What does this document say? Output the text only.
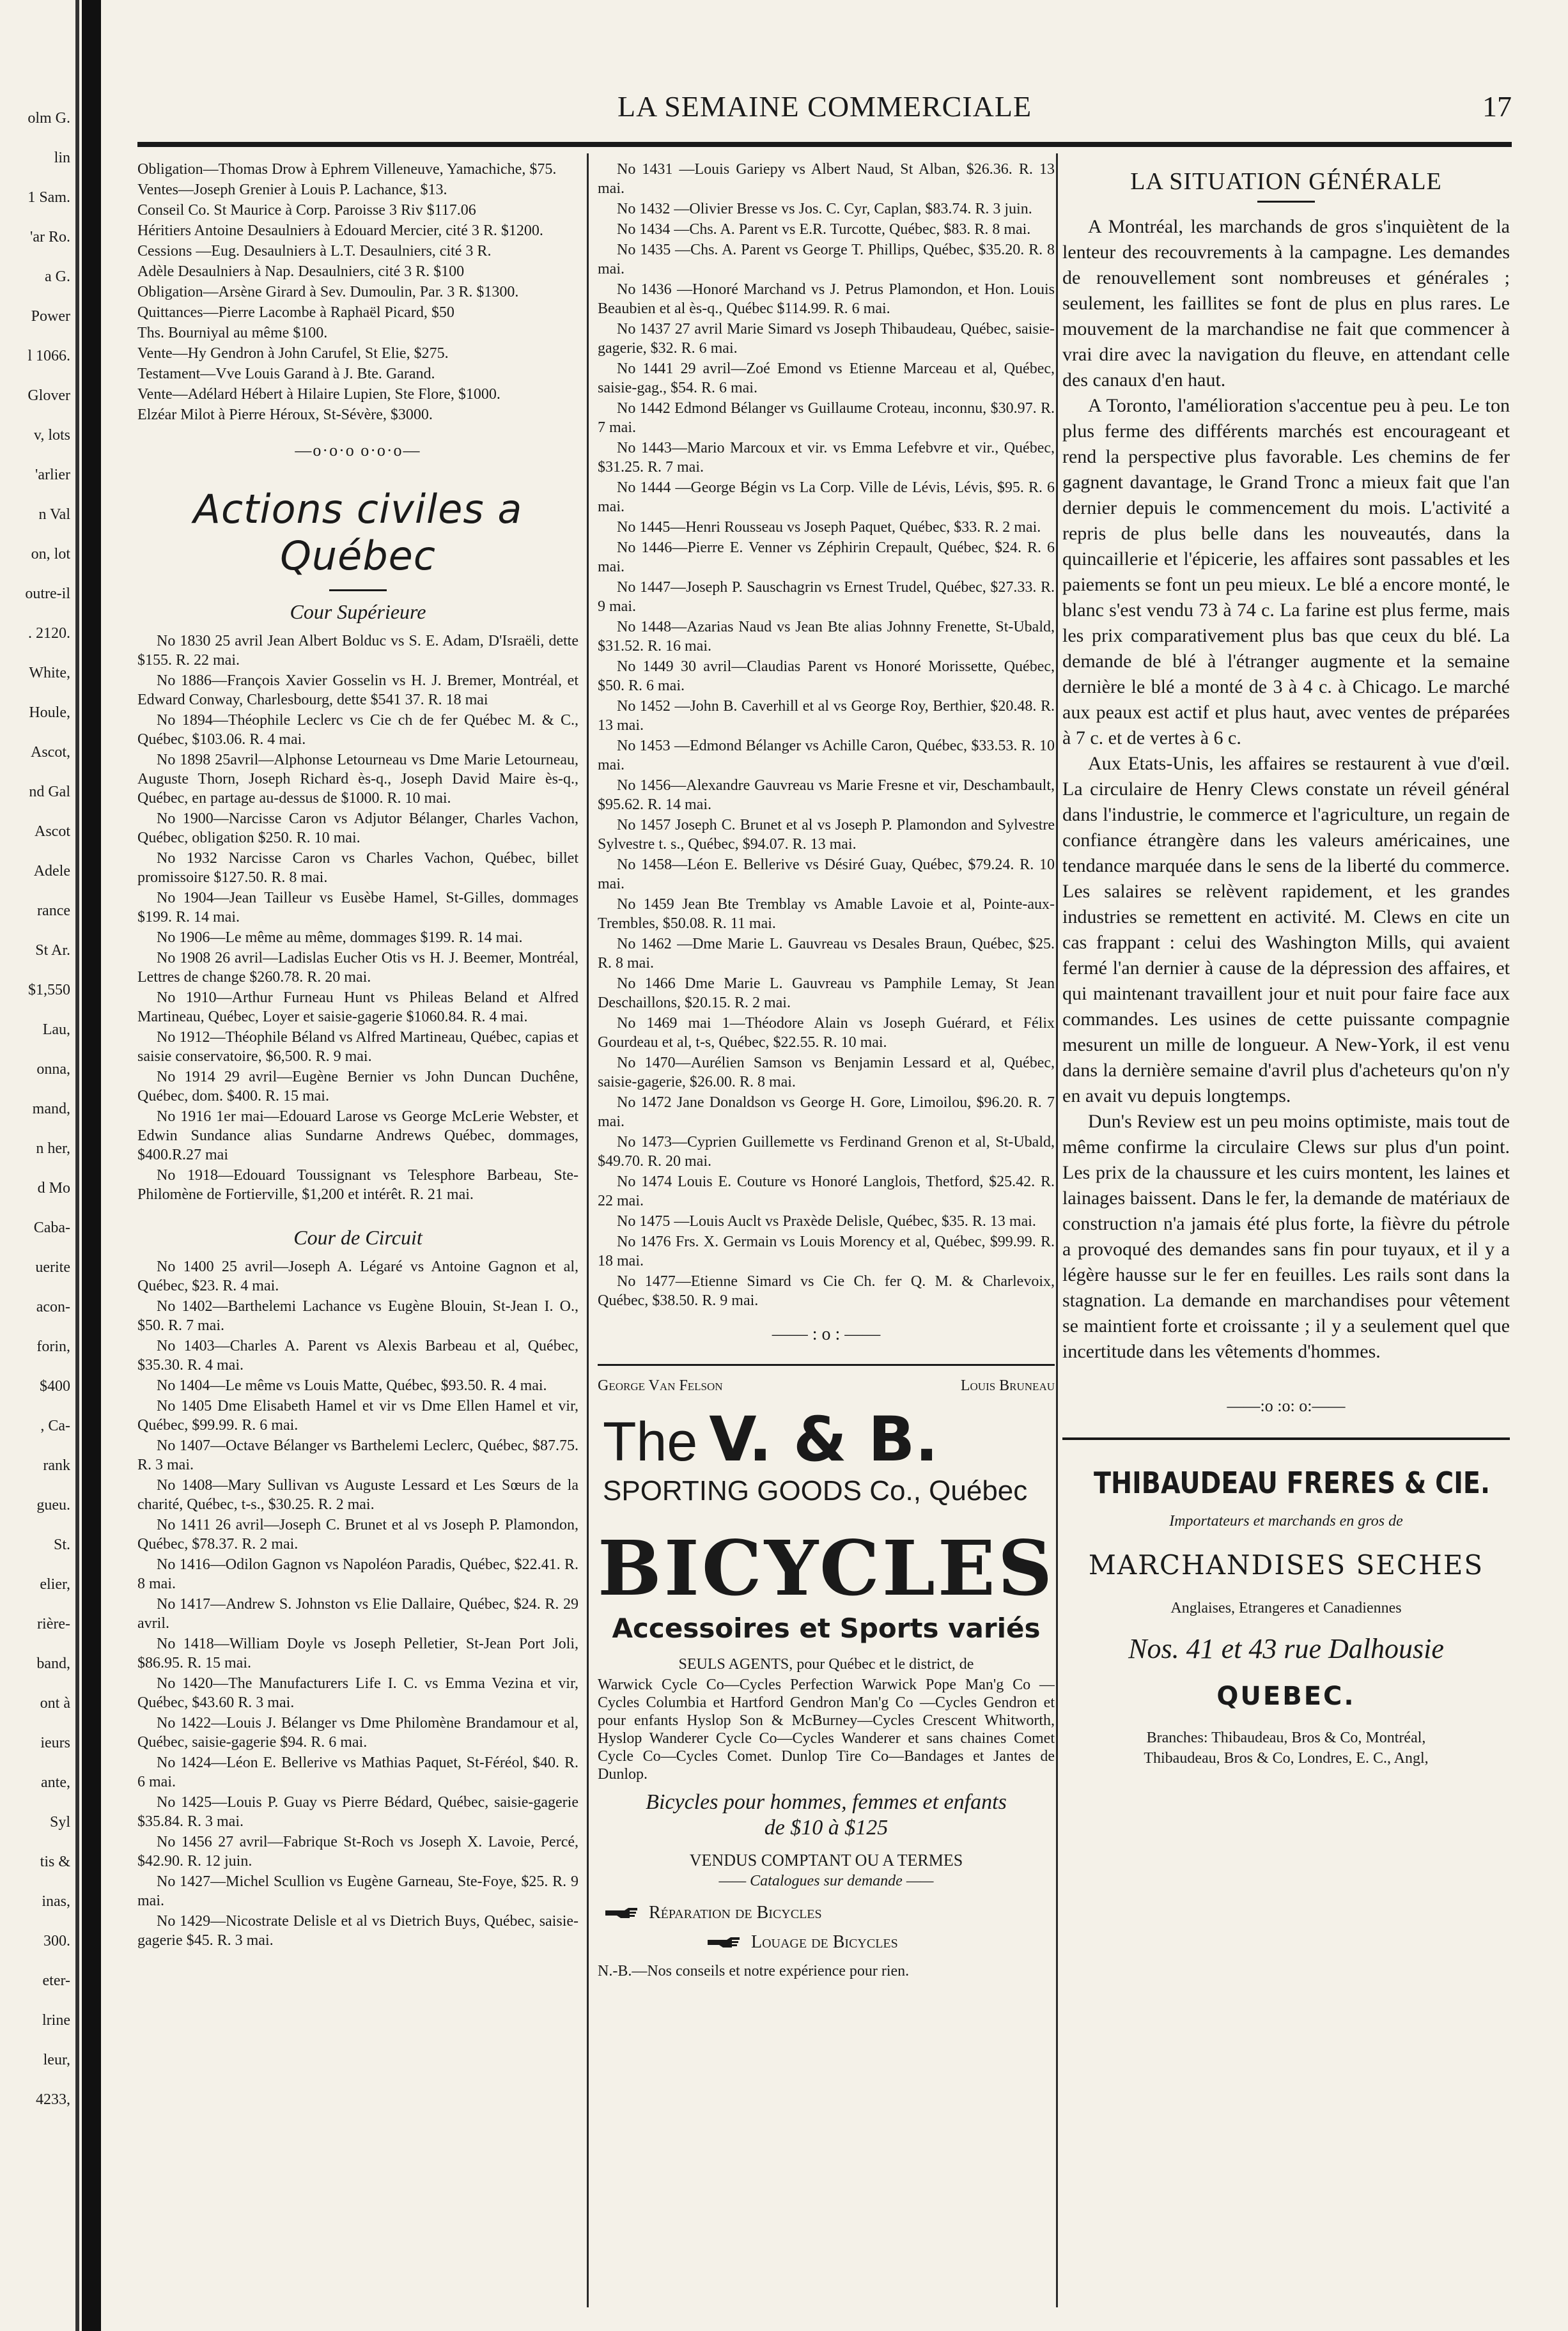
olm G.
lin
1 Sam.
'ar Ro.
a G.
Power
l 1066.
Glover
v, lots
'arlier
n Val
on, lot
outre-il
. 2120.
White,
Houle,
Ascot,
nd Gal
Ascot
Adele
rance
St Ar.
$1,550
Lau,
onna,
mand,
n her,
d Mo
Caba-
uerite
acon-
forin,
$400
, Ca-
rank
gueu.
St.
elier,
rière-
band,
ont à
ieurs
ante,
Syl
tis &
inas,
300.
eter-
lrine
leur,
4233,
LA SEMAINE COMMERCIALE	17

Obligation—Thomas Drow à Ephrem Villeneuve, Yamachiche, $75.

Ventes—Joseph Grenier à Louis P. Lachance, $13.

Conseil Co. St Maurice à Corp. Paroisse 3 Riv $117.06

Héritiers Antoine Desaulniers à Edouard Mercier, cité 3 R. $1200.

Cessions —Eug. Desaulniers à L.T. Desaulniers, cité 3 R.

Adèle Desaulniers à Nap. Desaulniers, cité 3 R. $100

Obligation—Arsène Girard à Sev. Dumoulin, Par. 3 R. $1300.

Quittances—Pierre Lacombe à Raphaël Picard, $50

Ths. Bourniyal au même $100.

Vente—Hy Gendron à John Carufel, St Elie, $275.

Testament—Vve Louis Garand à J. Bte. Garand.

Vente—Adélard Hébert à Hilaire Lupien, Ste Flore, $1000.

Elzéar Milot à Pierre Héroux, St-Sévère, $3000.

—o·o·o o·o·o—
Actions civiles a Québec
Cour Supérieure

No 1830 25 avril Jean Albert Bolduc vs S. E. Adam, D'Israëli, dette $155. R. 22 mai.

No 1886—François Xavier Gosselin vs H. J. Bremer, Montréal, et Edward Conway, Charlesbourg, dette $541 37. R. 18 mai

No 1894—Théophile Leclerc vs Cie ch de fer Québec M. & C., Québec, $103.06. R. 4 mai.

No 1898 25avril—Alphonse Letourneau vs Dme Marie Letourneau, Auguste Thorn, Joseph Richard ès-q., Joseph David Maire ès-q., Québec, en partage au-dessus de $1000. R. 10 mai.

No 1900—Narcisse Caron vs Adjutor Bélanger, Charles Vachon, Québec, obligation $250. R. 10 mai.

No 1932 Narcisse Caron vs Charles Vachon, Québec, billet promissoire $127.50. R. 8 mai.

No 1904—Jean Tailleur vs Eusèbe Hamel, St-Gilles, dommages $199. R. 14 mai.

No 1906—Le même au même, dommages $199. R. 14 mai.

No 1908 26 avril—Ladislas Eucher Otis vs H. J. Beemer, Montréal, Lettres de change $260.78. R. 20 mai.

No 1910—Arthur Furneau Hunt vs Phileas Beland et Alfred Martineau, Québec, Loyer et saisie-gagerie $1060.84. R. 4 mai.

No 1912—Théophile Béland vs Alfred Martineau, Québec, capias et saisie conservatoire, $6,500. R. 9 mai.

No 1914 29 avril—Eugène Bernier vs John Duncan Duchêne, Québec, dom. $400. R. 15 mai.

No 1916 1er mai—Edouard Larose vs George McLerie Webster, et Edwin Sundance alias Sundarne Andrews Québec, dommages, $400.R.27 mai

No 1918—Edouard Toussignant vs Telesphore Barbeau, Ste-Philomène de Fortierville, $1,200 et intérêt. R. 21 mai.

Cour de Circuit

No 1400 25 avril—Joseph A. Légaré vs Antoine Gagnon et al, Québec, $23. R. 4 mai.

No 1402—Barthelemi Lachance vs Eugène Blouin, St-Jean I. O., $50. R. 7 mai.

No 1403—Charles A. Parent vs Alexis Barbeau et al, Québec, $35.30. R. 4 mai.

No 1404—Le même vs Louis Matte, Québec, $93.50. R. 4 mai.

No 1405 Dme Elisabeth Hamel et vir vs Dme Ellen Hamel et vir, Québec, $99.99. R. 6 mai.

No 1407—Octave Bélanger vs Barthelemi Leclerc, Québec, $87.75. R. 3 mai.

No 1408—Mary Sullivan vs Auguste Lessard et Les Sœurs de la charité, Québec, t-s., $30.25. R. 2 mai.

No 1411 26 avril—Joseph C. Brunet et al vs Joseph P. Plamondon, Québec, $78.37. R. 2 mai.

No 1416—Odilon Gagnon vs Napoléon Paradis, Québec, $22.41. R. 8 mai.

No 1417—Andrew S. Johnston vs Elie Dallaire, Québec, $24. R. 29 avril.

No 1418—William Doyle vs Joseph Pelletier, St-Jean Port Joli, $86.95. R. 15 mai.

No 1420—The Manufacturers Life I. C. vs Emma Vezina et vir, Québec, $43.60 R. 3 mai.

No 1422—Louis J. Bélanger vs Dme Philomène Brandamour et al, Québec, saisie-gagerie $94. R. 6 mai.

No 1424—Léon E. Bellerive vs Mathias Paquet, St-Féréol, $40. R. 6 mai.

No 1425—Louis P. Guay vs Pierre Bédard, Québec, saisie-gagerie $35.84. R. 3 mai.

No 1456 27 avril—Fabrique St-Roch vs Joseph X. Lavoie, Percé, $42.90. R. 12 juin.

No 1427—Michel Scullion vs Eugène Garneau, Ste-Foye, $25. R. 9 mai.

No 1429—Nicostrate Delisle et al vs Dietrich Buys, Québec, saisie-gagerie $45. R. 3 mai.

No 1431 —Louis Gariepy vs Albert Naud, St Alban, $26.36. R. 13 mai.

No 1432 —Olivier Bresse vs Jos. C. Cyr, Caplan, $83.74. R. 3 juin.

No 1434 —Chs. A. Parent vs E.R. Turcotte, Québec, $83. R. 8 mai.

No 1435 —Chs. A. Parent vs George T. Phillips, Québec, $35.20. R. 8 mai.

No 1436 —Honoré Marchand vs J. Petrus Plamondon, et Hon. Louis Beaubien et al ès-q., Québec $114.99. R. 6 mai.

No 1437 27 avril Marie Simard vs Joseph Thibaudeau, Québec, saisie-gagerie, $32. R. 6 mai.

No 1441 29 avril—Zoé Emond vs Etienne Marceau et al, Québec, saisie-gag., $54. R. 6 mai.

No 1442 Edmond Bélanger vs Guillaume Croteau, inconnu, $30.97. R. 7 mai.

No 1443—Mario Marcoux et vir. vs Emma Lefebvre et vir., Québec, $31.25. R. 7 mai.

No 1444 —George Bégin vs La Corp. Ville de Lévis, Lévis, $95. R. 6 mai.

No 1445—Henri Rousseau vs Joseph Paquet, Québec, $33. R. 2 mai.

No 1446—Pierre E. Venner vs Zéphirin Crepault, Québec, $24. R. 6 mai.

No 1447—Joseph P. Sauschagrin vs Ernest Trudel, Québec, $27.33. R. 9 mai.

No 1448—Azarias Naud vs Jean Bte alias Johnny Frenette, St-Ubald, $31.52. R. 16 mai.

No 1449 30 avril—Claudias Parent vs Honoré Morissette, Québec, $50. R. 6 mai.

No 1452 —John B. Caverhill et al vs George Roy, Berthier, $20.48. R. 13 mai.

No 1453 —Edmond Bélanger vs Achille Caron, Québec, $33.53. R. 10 mai.

No 1456—Alexandre Gauvreau vs Marie Fresne et vir, Deschambault, $95.62. R. 14 mai.

No 1457 Joseph C. Brunet et al vs Joseph P. Plamondon and Sylvestre Sylvestre t. s., Québec, $94.07. R. 13 mai.

No 1458—Léon E. Bellerive vs Désiré Guay, Québec, $79.24. R. 10 mai.

No 1459 Jean Bte Tremblay vs Amable Lavoie et al, Pointe-aux-Trembles, $50.08. R. 11 mai.

No 1462 —Dme Marie L. Gauvreau vs Desales Braun, Québec, $25. R. 8 mai.

No 1466 Dme Marie L. Gauvreau vs Pamphile Lemay, St Jean Deschaillons, $20.15. R. 2 mai.

No 1469 mai 1—Théodore Alain vs Joseph Guérard, et Félix Gourdeau et al, t-s, Québec, $22.55. R. 10 mai.

No 1470—Aurélien Samson vs Benjamin Lessard et al, Québec, saisie-gagerie, $26.00. R. 8 mai.

No 1472 Jane Donaldson vs George H. Gore, Limoilou, $96.20. R. 7 mai.

No 1473—Cyprien Guillemette vs Ferdinand Grenon et al, St-Ubald, $49.70. R. 20 mai.

No 1474 Louis E. Couture vs Honoré Langlois, Thetford, $25.42. R. 22 mai.

No 1475 —Louis Auclt vs Praxède Delisle, Québec, $35. R. 13 mai.

No 1476 Frs. X. Germain vs Louis Morency et al, Québec, $99.99. R. 18 mai.

No 1477—Etienne Simard vs Cie Ch. fer Q. M. & Charlevoix, Québec, $38.50. R. 9 mai.

—— : o : ——
George Van Felson	Louis Bruneau
The V. & B.
SPORTING GOODS Co., Québec
BICYCLES
Accessoires et Sports variés
SEULS AGENTS, pour Québec et le district, de
Warwick Cycle Co—Cycles Perfection Warwick Pope Man'g Co — Cycles Columbia et Hartford Gendron Man'g Co —Cycles Gendron et pour enfants Hyslop Son & McBurney—Cycles Crescent Whitworth, Hyslop Wanderer Cycle Co—Cycles Wanderer et sans chaines Comet Cycle Co—Cycles Comet. Dunlop Tire Co—Bandages et Jantes de Dunlop.
Bicycles pour hommes, femmes et enfants
de $10 à $125
VENDUS COMPTANT OU A TERMES
—— Catalogues sur demande ——
Réparation de Bicycles
Louage de Bicycles
N.-B.—Nos conseils et notre expérience pour rien.
LA SITUATION GÉNÉRALE

A Montréal, les marchands de gros s'inquiètent de la lenteur des recouvrements à la campagne. Les demandes de renouvellement sont nombreuses et générales ; seulement, les faillites se font de plus en plus rares. Le mouvement de la marchandise ne fait que commencer à vrai dire avec la navigation du fleuve, en attendant celle des canaux d'en haut.

A Toronto, l'amélioration s'accentue peu à peu. Le ton plus ferme des différents marchés est encourageant et rend la perspective plus favorable. Les chemins de fer gagnent davantage, le Grand Tronc a mieux fait que l'an dernier depuis le commencement du mois. L'activité a repris de plus belle dans les nouveautés, dans la quincaillerie et l'épicerie, les affaires sont passables et les paiements se font un peu mieux. Le blé a encore monté, le blanc s'est vendu 73 à 74 c. La farine est plus ferme, mais les prix comparativement plus bas que ceux du blé. La demande de blé à l'étranger augmente et la semaine dernière le blé a monté de 3 à 4 c. à Chicago. Le marché aux peaux est actif et plus haut, avec ventes de préparées à 7 c. et de vertes à 6 c.

Aux Etats-Unis, les affaires se restaurent à vue d'œil. La circulaire de Henry Clews constate un réveil général dans l'industrie, le commerce et l'agriculture, un regain de confiance étrangère dans les valeurs américaines, une tendance marquée dans le sens de la liberté du commerce. Les salaires se relèvent rapidement, et les grandes industries se remettent en activité. M. Clews en cite un cas frappant : celui des Washington Mills, qui avaient fermé l'an dernier à cause de la dépression des affaires, et qui maintenant travaillent jour et nuit pour faire face aux commandes. Les usines de cette puissante compagnie mesurent un mille de longueur. A New-York, il est venu dans la dernière semaine d'avril plus d'acheteurs qu'on n'y en avait vu depuis longtemps.

Dun's Review est un peu moins optimiste, mais tout de même confirme la circulaire Clews sur plus d'un point. Les prix de la chaussure et les cuirs montent, les laines et lainages baissent. Dans le fer, la demande de matériaux de construction n'a jamais été plus forte, la fièvre du pétrole a provoqué des demandes sans fin pour tuyaux, et il y a légère hausse sur le fer en feuilles. Les rails sont dans la stagnation. La demande en marchandises pour vêtement se maintient forte et croissante ; il y a seulement quel que incertitude dans les vêtements d'hommes.

——:o :o: o:——
THIBAUDEAU FRERES & CIE.
Importateurs et marchands en gros de
MARCHANDISES SECHES
Anglaises, Etrangeres et Canadiennes
Nos. 41 et 43 rue Dalhousie
QUEBEC.
Branches: Thibaudeau, Bros & Co, Montréal,
Thibaudeau, Bros & Co, Londres, E. C., Angl,
